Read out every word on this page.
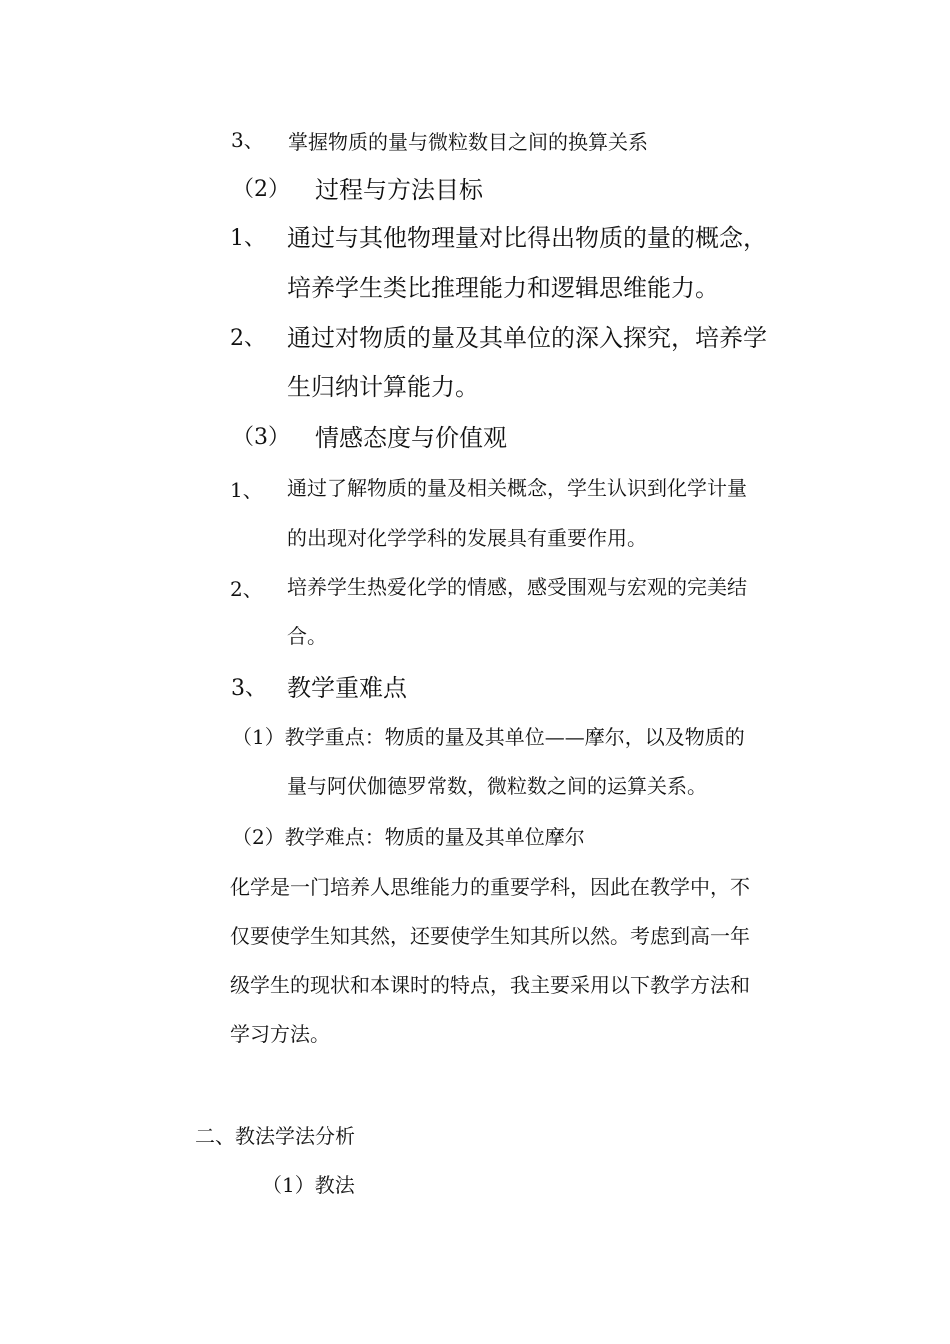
3、 掌握物质的量与微粒数目之间的换算关系
（2） 过程与方法目标
1、 通过与其他物理量对比得出物质的量的概念，
培养学生类比推理能力和逻辑思维能力。
2、 通过对物质的量及其单位的深入探究，培养学
生归纳计算能力。
（3） 情感态度与价值观
1、 通过了解物质的量及相关概念，学生认识到化学计量
的出现对化学学科的发展具有重要作用。
2、 培养学生热爱化学的情感，感受围观与宏观的完美结
合。
3、 教学重难点
（1）教学重点：物质的量及其单位——摩尔，以及物质的
量与阿伏伽德罗常数，微粒数之间的运算关系。
（2）教学难点：物质的量及其单位摩尔
化学是一门培养人思维能力的重要学科，因此在教学中，不
仅要使学生知其然，还要使学生知其所以然。考虑到高一年
级学生的现状和本课时的特点，我主要采用以下教学方法和
学习方法。
二、教法学法分析
（1）教法
